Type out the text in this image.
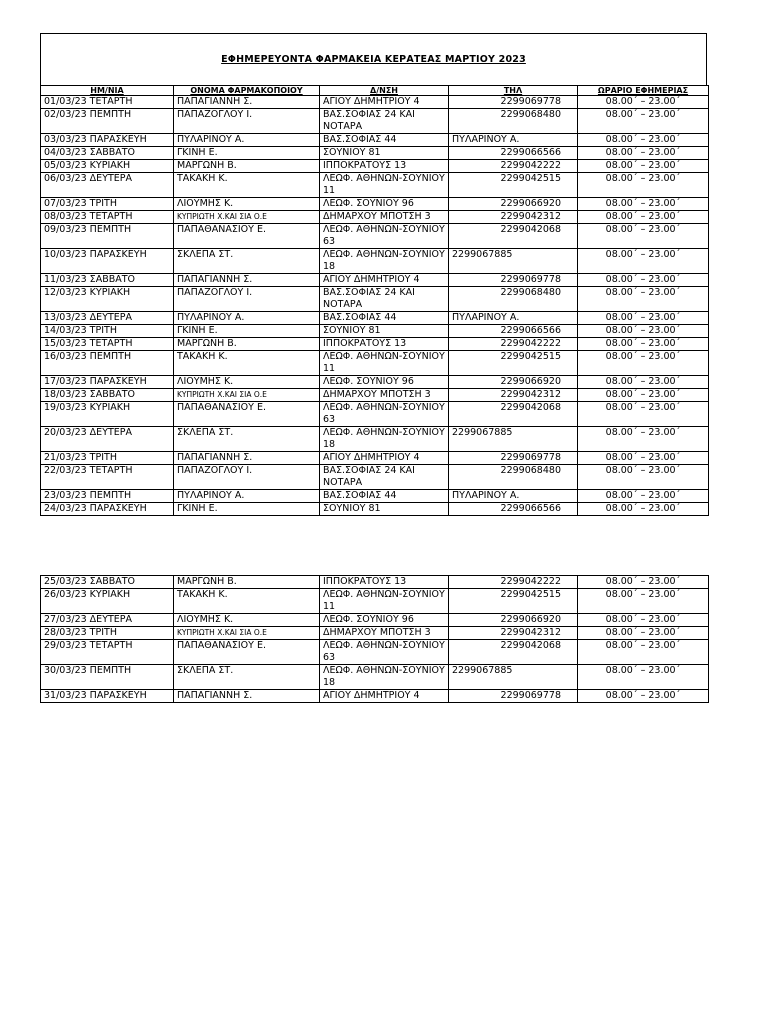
ΕΦΗΜΕΡΕΥΟΝΤΑ ΦΑΡΜΑΚΕΙΑ ΚΕΡΑΤΕΑΣ ΜΑΡΤΙΟΥ 2023
ΗΜ/ΝΙΑ	ΟΝΟΜΑ ΦΑΡΜΑΚΟΠΟΙΟΥ	Δ/ΝΣΗ	ΤΗΛ	ΩΡΑΡΙΟ ΕΦΗΜΕΡΙΑΣ
01/03/23 ΤΕΤΑΡΤΗ	ΠΑΠΑΓΙΑΝΝΗ Σ.	ΑΓΙΟΥ ΔΗΜΗΤΡΙΟΥ 4	2299069778	08.00΄ – 23.00΄
02/03/23 ΠΕΜΠΤΗ	ΠΑΠΑΖΟΓΛΟΥ Ι.	ΒΑΣ.ΣΟΦΙΑΣ 24 ΚΑΙ ΝΟΤΑΡΑ	2299068480	08.00΄ – 23.00΄
03/03/23 ΠΑΡΑΣΚΕΥΗ	ΠΥΛΑΡΙΝΟΥ Α.	ΒΑΣ.ΣΟΦΙΑΣ 44	ΠΥΛΑΡΙΝΟΥ Α.	08.00΄ – 23.00΄
04/03/23 ΣΑΒΒΑΤΟ	ΓΚΙΝΗ Ε.	ΣΟΥΝΙΟΥ 81	2299066566	08.00΄ – 23.00΄
05/03/23 ΚΥΡΙΑΚΗ	ΜΑΡΓΩΝΗ Β.	ΙΠΠΟΚΡΑΤΟΥΣ 13	2299042222	08.00΄ – 23.00΄
06/03/23 ΔΕΥΤΕΡΑ	ΤΑΚΑΚΗ Κ.	ΛΕΩΦ. ΑΘΗΝΩΝ-ΣΟΥΝΙΟΥ 11	2299042515	08.00΄ – 23.00΄
07/03/23 ΤΡΙΤΗ	ΛΙΟΥΜΗΣ Κ.	ΛΕΩΦ. ΣΟΥΝΙΟΥ 96	2299066920	08.00΄ – 23.00΄
08/03/23 ΤΕΤΑΡΤΗ	ΚΥΠΡΙΩΤΗ Χ.ΚΑΙ ΣΙΑ Ο.Ε	ΔΗΜΑΡΧΟΥ ΜΠΟΤΣΗ 3	2299042312	08.00΄ – 23.00΄
09/03/23 ΠΕΜΠΤΗ	ΠΑΠΑΘΑΝΑΣΙΟΥ Ε.	ΛΕΩΦ. ΑΘΗΝΩΝ-ΣΟΥΝΙΟΥ 63	2299042068	08.00΄ – 23.00΄
10/03/23 ΠΑΡΑΣΚΕΥΗ	ΣΚΛΕΠΑ ΣΤ.	ΛΕΩΦ. ΑΘΗΝΩΝ-ΣΟΥΝΙΟΥ 18	2299067885	08.00΄ – 23.00΄
11/03/23 ΣΑΒΒΑΤΟ	ΠΑΠΑΓΙΑΝΝΗ Σ.	ΑΓΙΟΥ ΔΗΜΗΤΡΙΟΥ 4	2299069778	08.00΄ – 23.00΄
12/03/23 ΚΥΡΙΑΚΗ	ΠΑΠΑΖΟΓΛΟΥ Ι.	ΒΑΣ.ΣΟΦΙΑΣ 24 ΚΑΙ ΝΟΤΑΡΑ	2299068480	08.00΄ – 23.00΄
13/03/23 ΔΕΥΤΕΡΑ	ΠΥΛΑΡΙΝΟΥ Α.	ΒΑΣ.ΣΟΦΙΑΣ 44	ΠΥΛΑΡΙΝΟΥ Α.	08.00΄ – 23.00΄
14/03/23 ΤΡΙΤΗ	ΓΚΙΝΗ Ε.	ΣΟΥΝΙΟΥ 81	2299066566	08.00΄ – 23.00΄
15/03/23 ΤΕΤΑΡΤΗ	ΜΑΡΓΩΝΗ Β.	ΙΠΠΟΚΡΑΤΟΥΣ 13	2299042222	08.00΄ – 23.00΄
16/03/23 ΠΕΜΠΤΗ	ΤΑΚΑΚΗ Κ.	ΛΕΩΦ. ΑΘΗΝΩΝ-ΣΟΥΝΙΟΥ 11	2299042515	08.00΄ – 23.00΄
17/03/23 ΠΑΡΑΣΚΕΥΗ	ΛΙΟΥΜΗΣ Κ.	ΛΕΩΦ. ΣΟΥΝΙΟΥ 96	2299066920	08.00΄ – 23.00΄
18/03/23 ΣΑΒΒΑΤΟ	ΚΥΠΡΙΩΤΗ Χ.ΚΑΙ ΣΙΑ Ο.Ε	ΔΗΜΑΡΧΟΥ ΜΠΟΤΣΗ 3	2299042312	08.00΄ – 23.00΄
19/03/23 ΚΥΡΙΑΚΗ	ΠΑΠΑΘΑΝΑΣΙΟΥ Ε.	ΛΕΩΦ. ΑΘΗΝΩΝ-ΣΟΥΝΙΟΥ 63	2299042068	08.00΄ – 23.00΄
20/03/23 ΔΕΥΤΕΡΑ	ΣΚΛΕΠΑ ΣΤ.	ΛΕΩΦ. ΑΘΗΝΩΝ-ΣΟΥΝΙΟΥ 18	2299067885	08.00΄ – 23.00΄
21/03/23 ΤΡΙΤΗ	ΠΑΠΑΓΙΑΝΝΗ Σ.	ΑΓΙΟΥ ΔΗΜΗΤΡΙΟΥ 4	2299069778	08.00΄ – 23.00΄
22/03/23 ΤΕΤΑΡΤΗ	ΠΑΠΑΖΟΓΛΟΥ Ι.	ΒΑΣ.ΣΟΦΙΑΣ 24 ΚΑΙ ΝΟΤΑΡΑ	2299068480	08.00΄ – 23.00΄
23/03/23 ΠΕΜΠΤΗ	ΠΥΛΑΡΙΝΟΥ Α.	ΒΑΣ.ΣΟΦΙΑΣ 44	ΠΥΛΑΡΙΝΟΥ Α.	08.00΄ – 23.00΄
24/03/23 ΠΑΡΑΣΚΕΥΗ	ΓΚΙΝΗ Ε.	ΣΟΥΝΙΟΥ 81	2299066566	08.00΄ – 23.00΄
25/03/23 ΣΑΒΒΑΤΟ	ΜΑΡΓΩΝΗ Β.	ΙΠΠΟΚΡΑΤΟΥΣ 13	2299042222	08.00΄ – 23.00΄
26/03/23 ΚΥΡΙΑΚΗ	ΤΑΚΑΚΗ Κ.	ΛΕΩΦ. ΑΘΗΝΩΝ-ΣΟΥΝΙΟΥ 11	2299042515	08.00΄ – 23.00΄
27/03/23 ΔΕΥΤΕΡΑ	ΛΙΟΥΜΗΣ Κ.	ΛΕΩΦ. ΣΟΥΝΙΟΥ 96	2299066920	08.00΄ – 23.00΄
28/03/23 ΤΡΙΤΗ	ΚΥΠΡΙΩΤΗ Χ.ΚΑΙ ΣΙΑ Ο.Ε	ΔΗΜΑΡΧΟΥ ΜΠΟΤΣΗ 3	2299042312	08.00΄ – 23.00΄
29/03/23 ΤΕΤΑΡΤΗ	ΠΑΠΑΘΑΝΑΣΙΟΥ Ε.	ΛΕΩΦ. ΑΘΗΝΩΝ-ΣΟΥΝΙΟΥ 63	2299042068	08.00΄ – 23.00΄
30/03/23 ΠΕΜΠΤΗ	ΣΚΛΕΠΑ ΣΤ.	ΛΕΩΦ. ΑΘΗΝΩΝ-ΣΟΥΝΙΟΥ 18	2299067885	08.00΄ – 23.00΄
31/03/23 ΠΑΡΑΣΚΕΥΗ	ΠΑΠΑΓΙΑΝΝΗ Σ.	ΑΓΙΟΥ ΔΗΜΗΤΡΙΟΥ 4	2299069778	08.00΄ – 23.00΄
